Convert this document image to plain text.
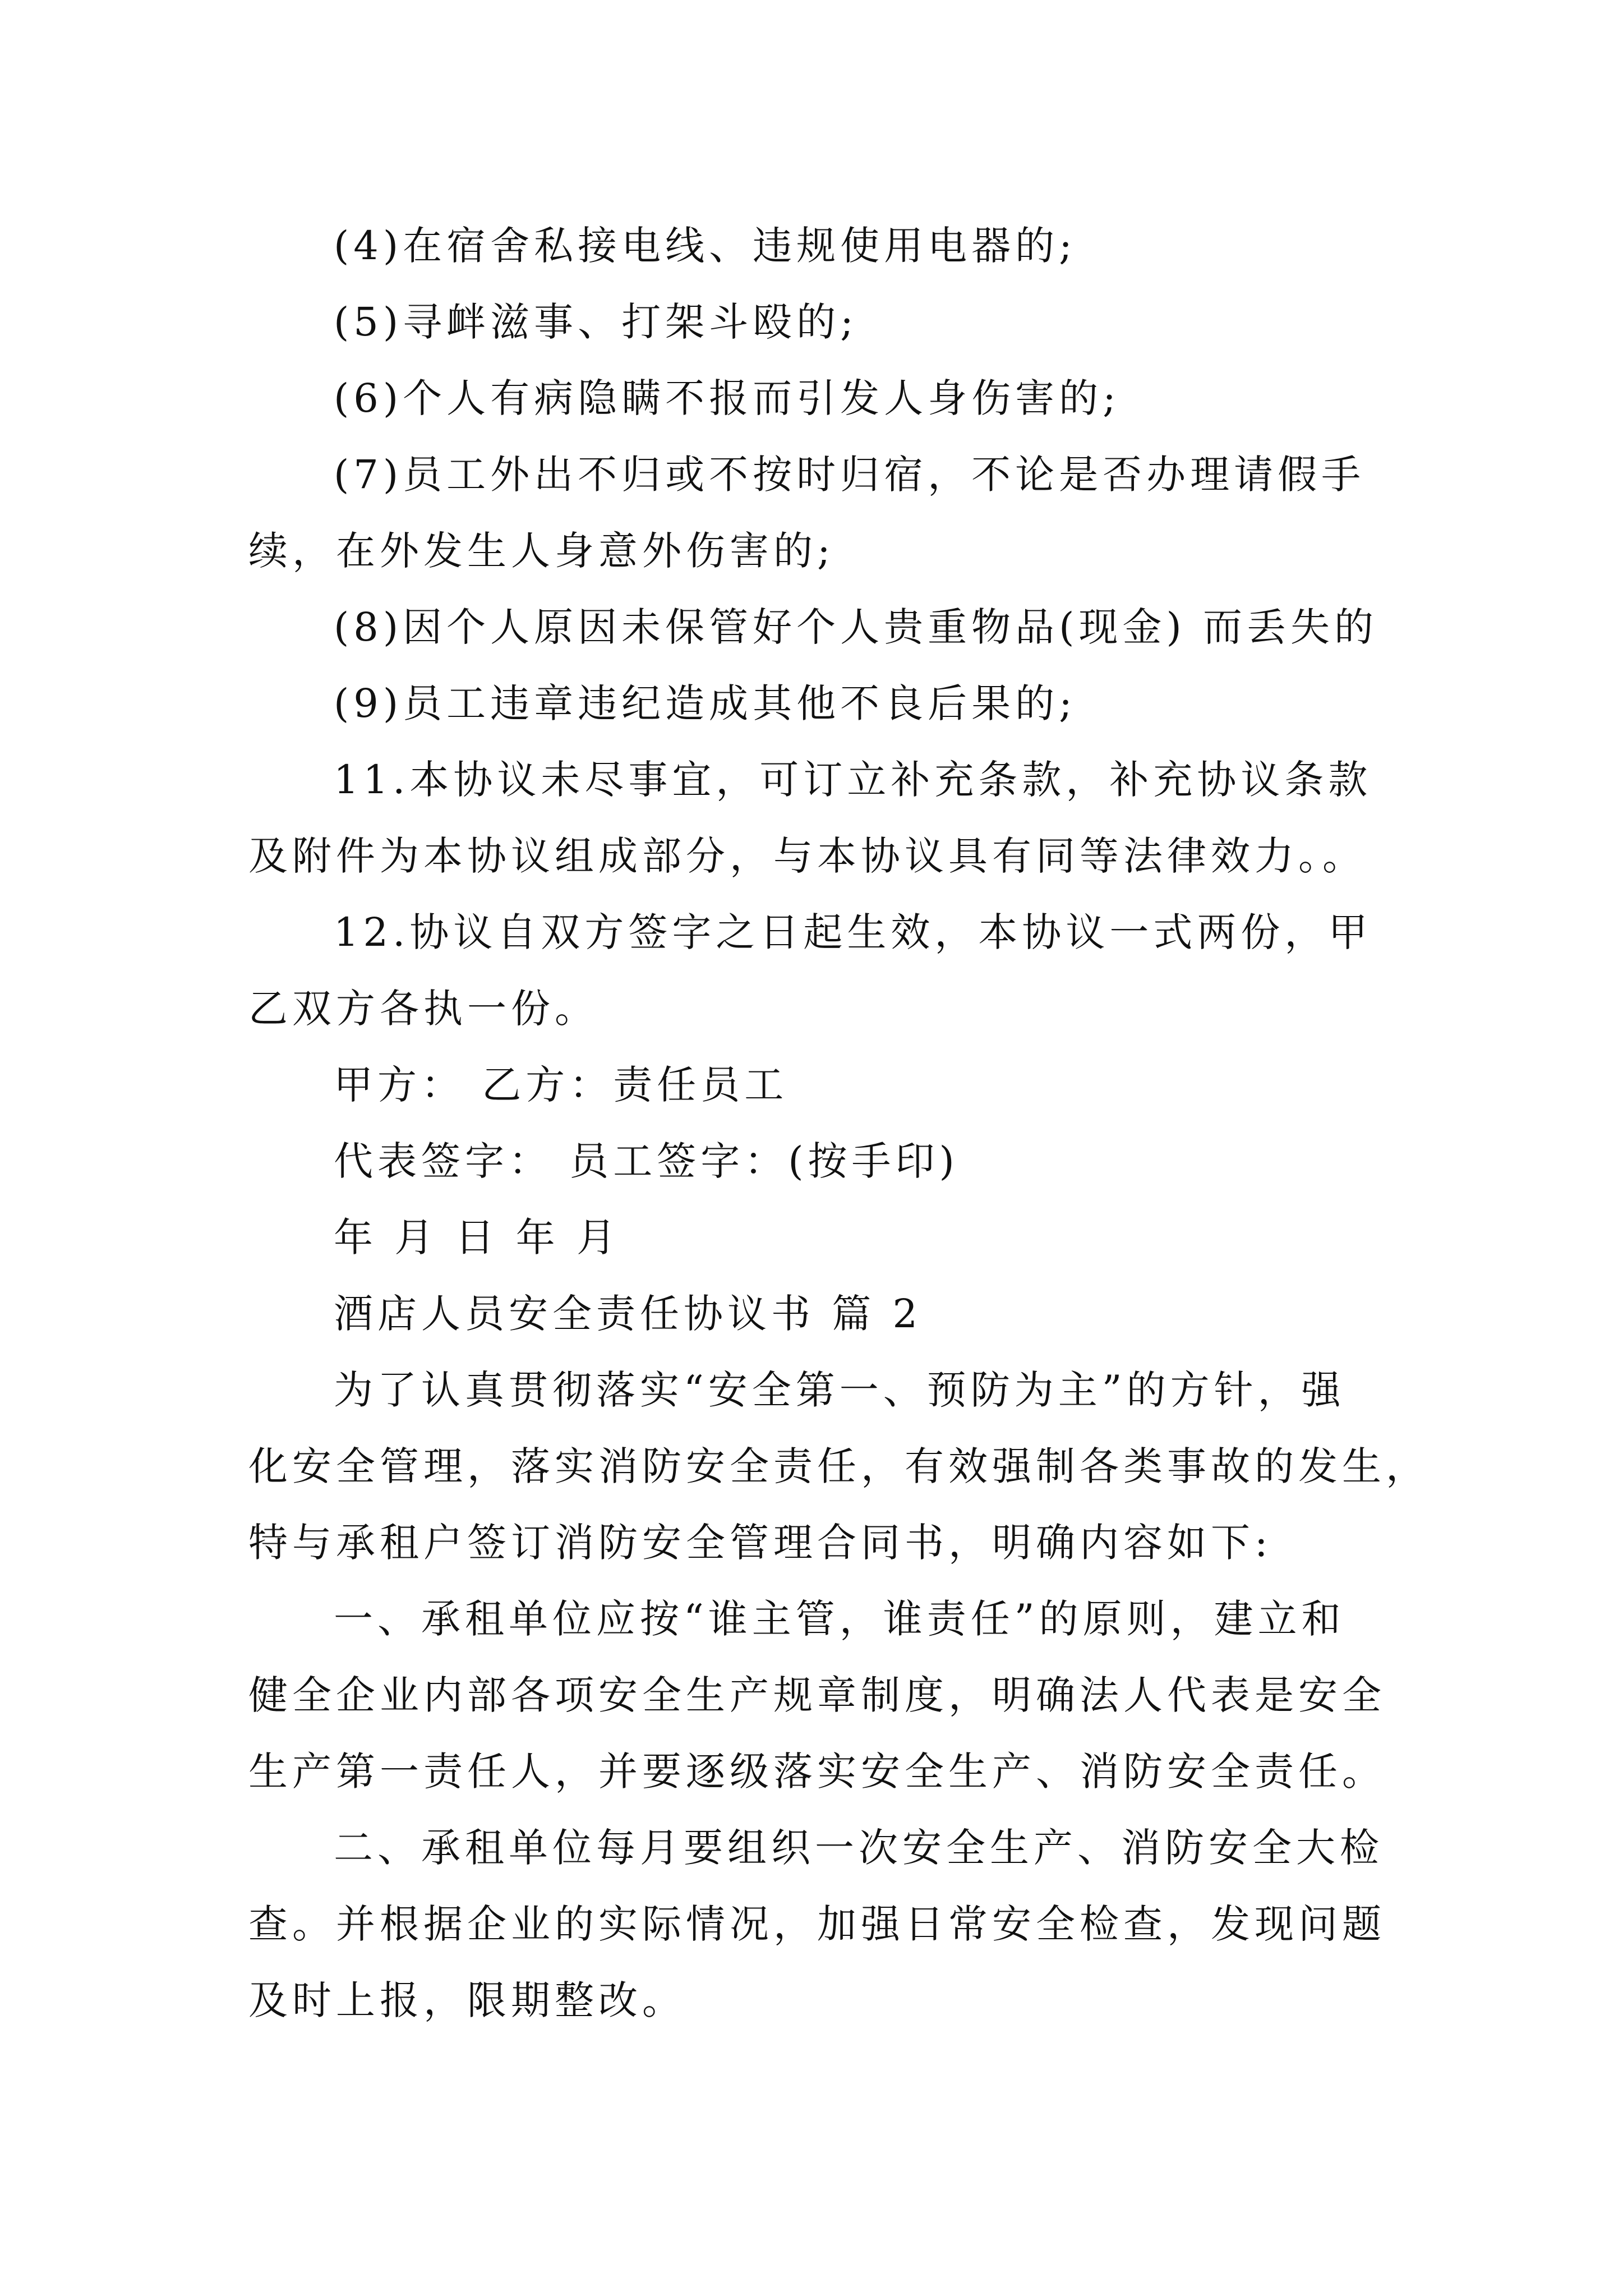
(4)在宿舍私接电线、违规使用电器的;
(5)寻衅滋事、打架斗殴的;
(6)个人有病隐瞒不报而引发人身伤害的;
(7)员工外出不归或不按时归宿，不论是否办理请假手
续，在外发生人身意外伤害的;
(8)因个人原因未保管好个人贵重物品(现金) 而丢失的
(9)员工违章违纪造成其他不良后果的;
11.本协议未尽事宜，可订立补充条款，补充协议条款
及附件为本协议组成部分，与本协议具有同等法律效力。。
12.协议自双方签字之日起生效，本协议一式两份，甲
乙双方各执一份。
甲方： 乙方：责任员工
代表签字： 员工签字：(按手印)
年 月 日 年 月
酒店人员安全责任协议书 篇 2
为了认真贯彻落实“安全第一、预防为主”的方针，强
化安全管理，落实消防安全责任，有效强制各类事故的发生，
特与承租户签订消防安全管理合同书，明确内容如下:
一、承租单位应按“谁主管，谁责任”的原则，建立和
健全企业内部各项安全生产规章制度，明确法人代表是安全
生产第一责任人，并要逐级落实安全生产、消防安全责任。
二、承租单位每月要组织一次安全生产、消防安全大检
查。并根据企业的实际情况，加强日常安全检查，发现问题
及时上报，限期整改。
